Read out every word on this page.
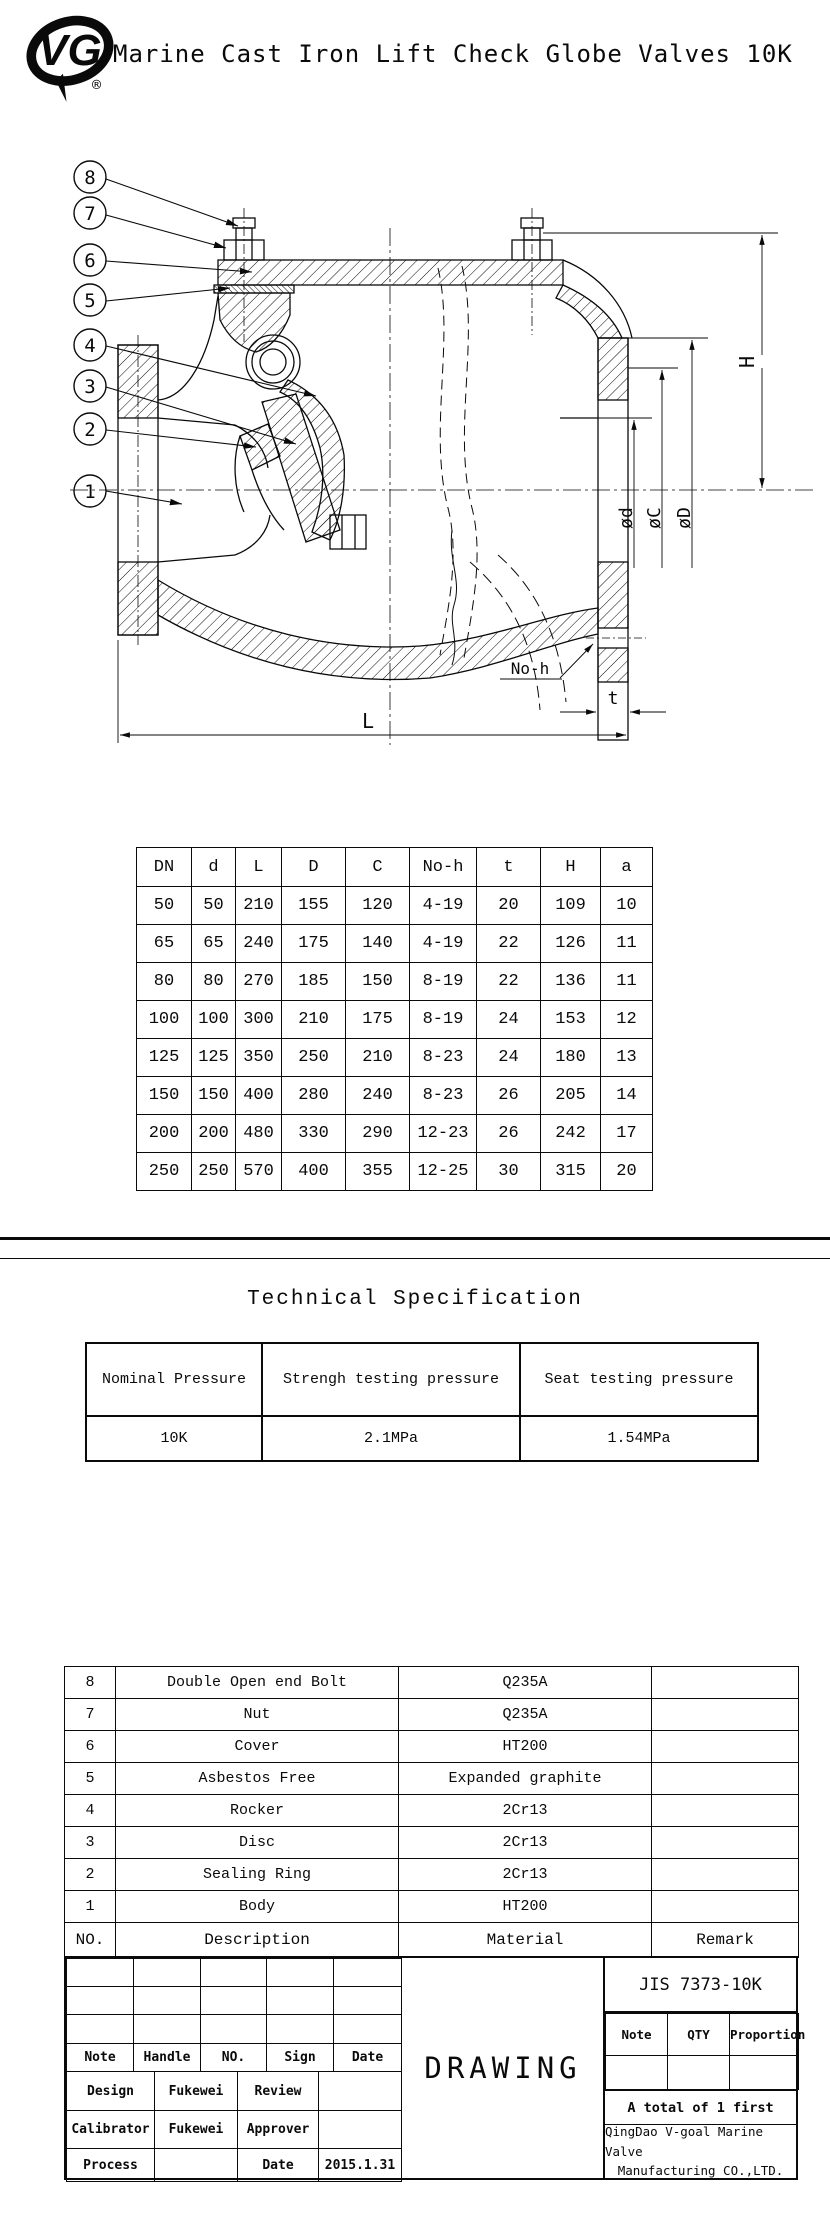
VG
®
Marine Cast Iron Lift Check Globe Valves 10K
8
7
6
5
4
3
2
1
H
øD
øC
ød
L
t
No-h
DN	d	L	D	C	No-h	t	H	a
50	50	210	155	120	4-19	20	109	10
65	65	240	175	140	4-19	22	126	11
80	80	270	185	150	8-19	22	136	11
100	100	300	210	175	8-19	24	153	12
125	125	350	250	210	8-23	24	180	13
150	150	400	280	240	8-23	26	205	14
200	200	480	330	290	12-23	26	242	17
250	250	570	400	355	12-25	30	315	20
Technical Specification
Nominal Pressure	Strengh testing pressure	Seat testing pressure
10K	2.1MPa	1.54MPa
8	Double Open end Bolt	Q235A	
7	Nut	Q235A	
6	Cover	HT200	
5	Asbestos Free	Expanded graphite	
4	Rocker	2Cr13	
3	Disc	2Cr13	
2	Sealing Ring	2Cr13	
1	Body	HT200	
NO.	Description	Material	Remark

Note	Handle	NO.	Sign	Date
Design	Fukewei	Review	
Calibrator	Fukewei	Approver	
Process		Date	2015.1.31
DRAWING
JIS 7373-10K
Note	QTY	Proportion

A total of 1 first
QingDao V-goal Marine Valve
Manufacturing CO.,LTD.
